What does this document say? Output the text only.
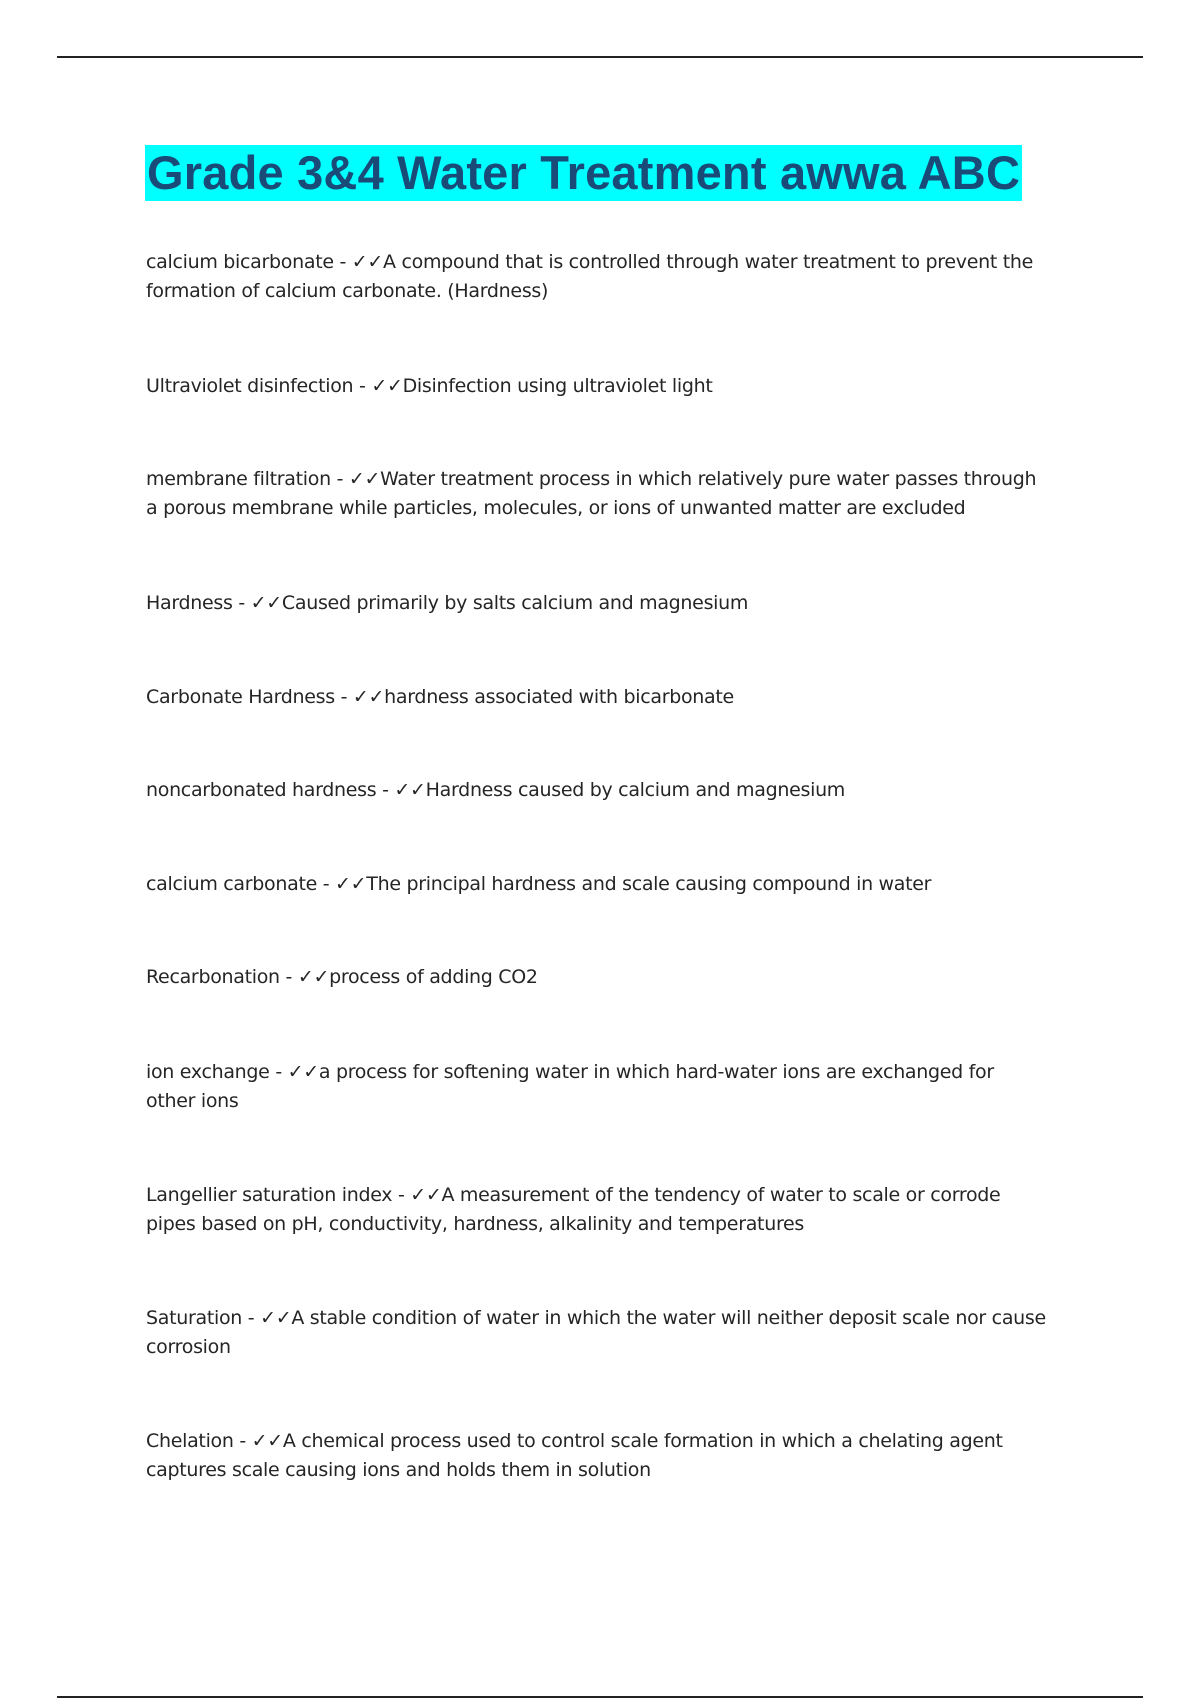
Grade 3&4 Water Treatment awwa ABC
calcium bicarbonate - ✓✓A compound that is controlled through water treatment to prevent the formation of calcium carbonate. (Hardness)
Ultraviolet disinfection - ✓✓Disinfection using ultraviolet light
membrane filtration - ✓✓Water treatment process in which relatively pure water passes through a porous membrane while particles, molecules, or ions of unwanted matter are excluded
Hardness - ✓✓Caused primarily by salts calcium and magnesium
Carbonate Hardness - ✓✓hardness associated with bicarbonate
noncarbonated hardness - ✓✓Hardness caused by calcium and magnesium
calcium carbonate - ✓✓The principal hardness and scale causing compound in water
Recarbonation - ✓✓process of adding CO2
ion exchange - ✓✓a process for softening water in which hard-water ions are exchanged for other ions
Langellier saturation index - ✓✓A measurement of the tendency of water to scale or corrode pipes based on pH, conductivity, hardness, alkalinity and temperatures
Saturation - ✓✓A stable condition of water in which the water will neither deposit scale nor cause corrosion
Chelation - ✓✓A chemical process used to control scale formation in which a chelating agent captures scale causing ions and holds them in solution
